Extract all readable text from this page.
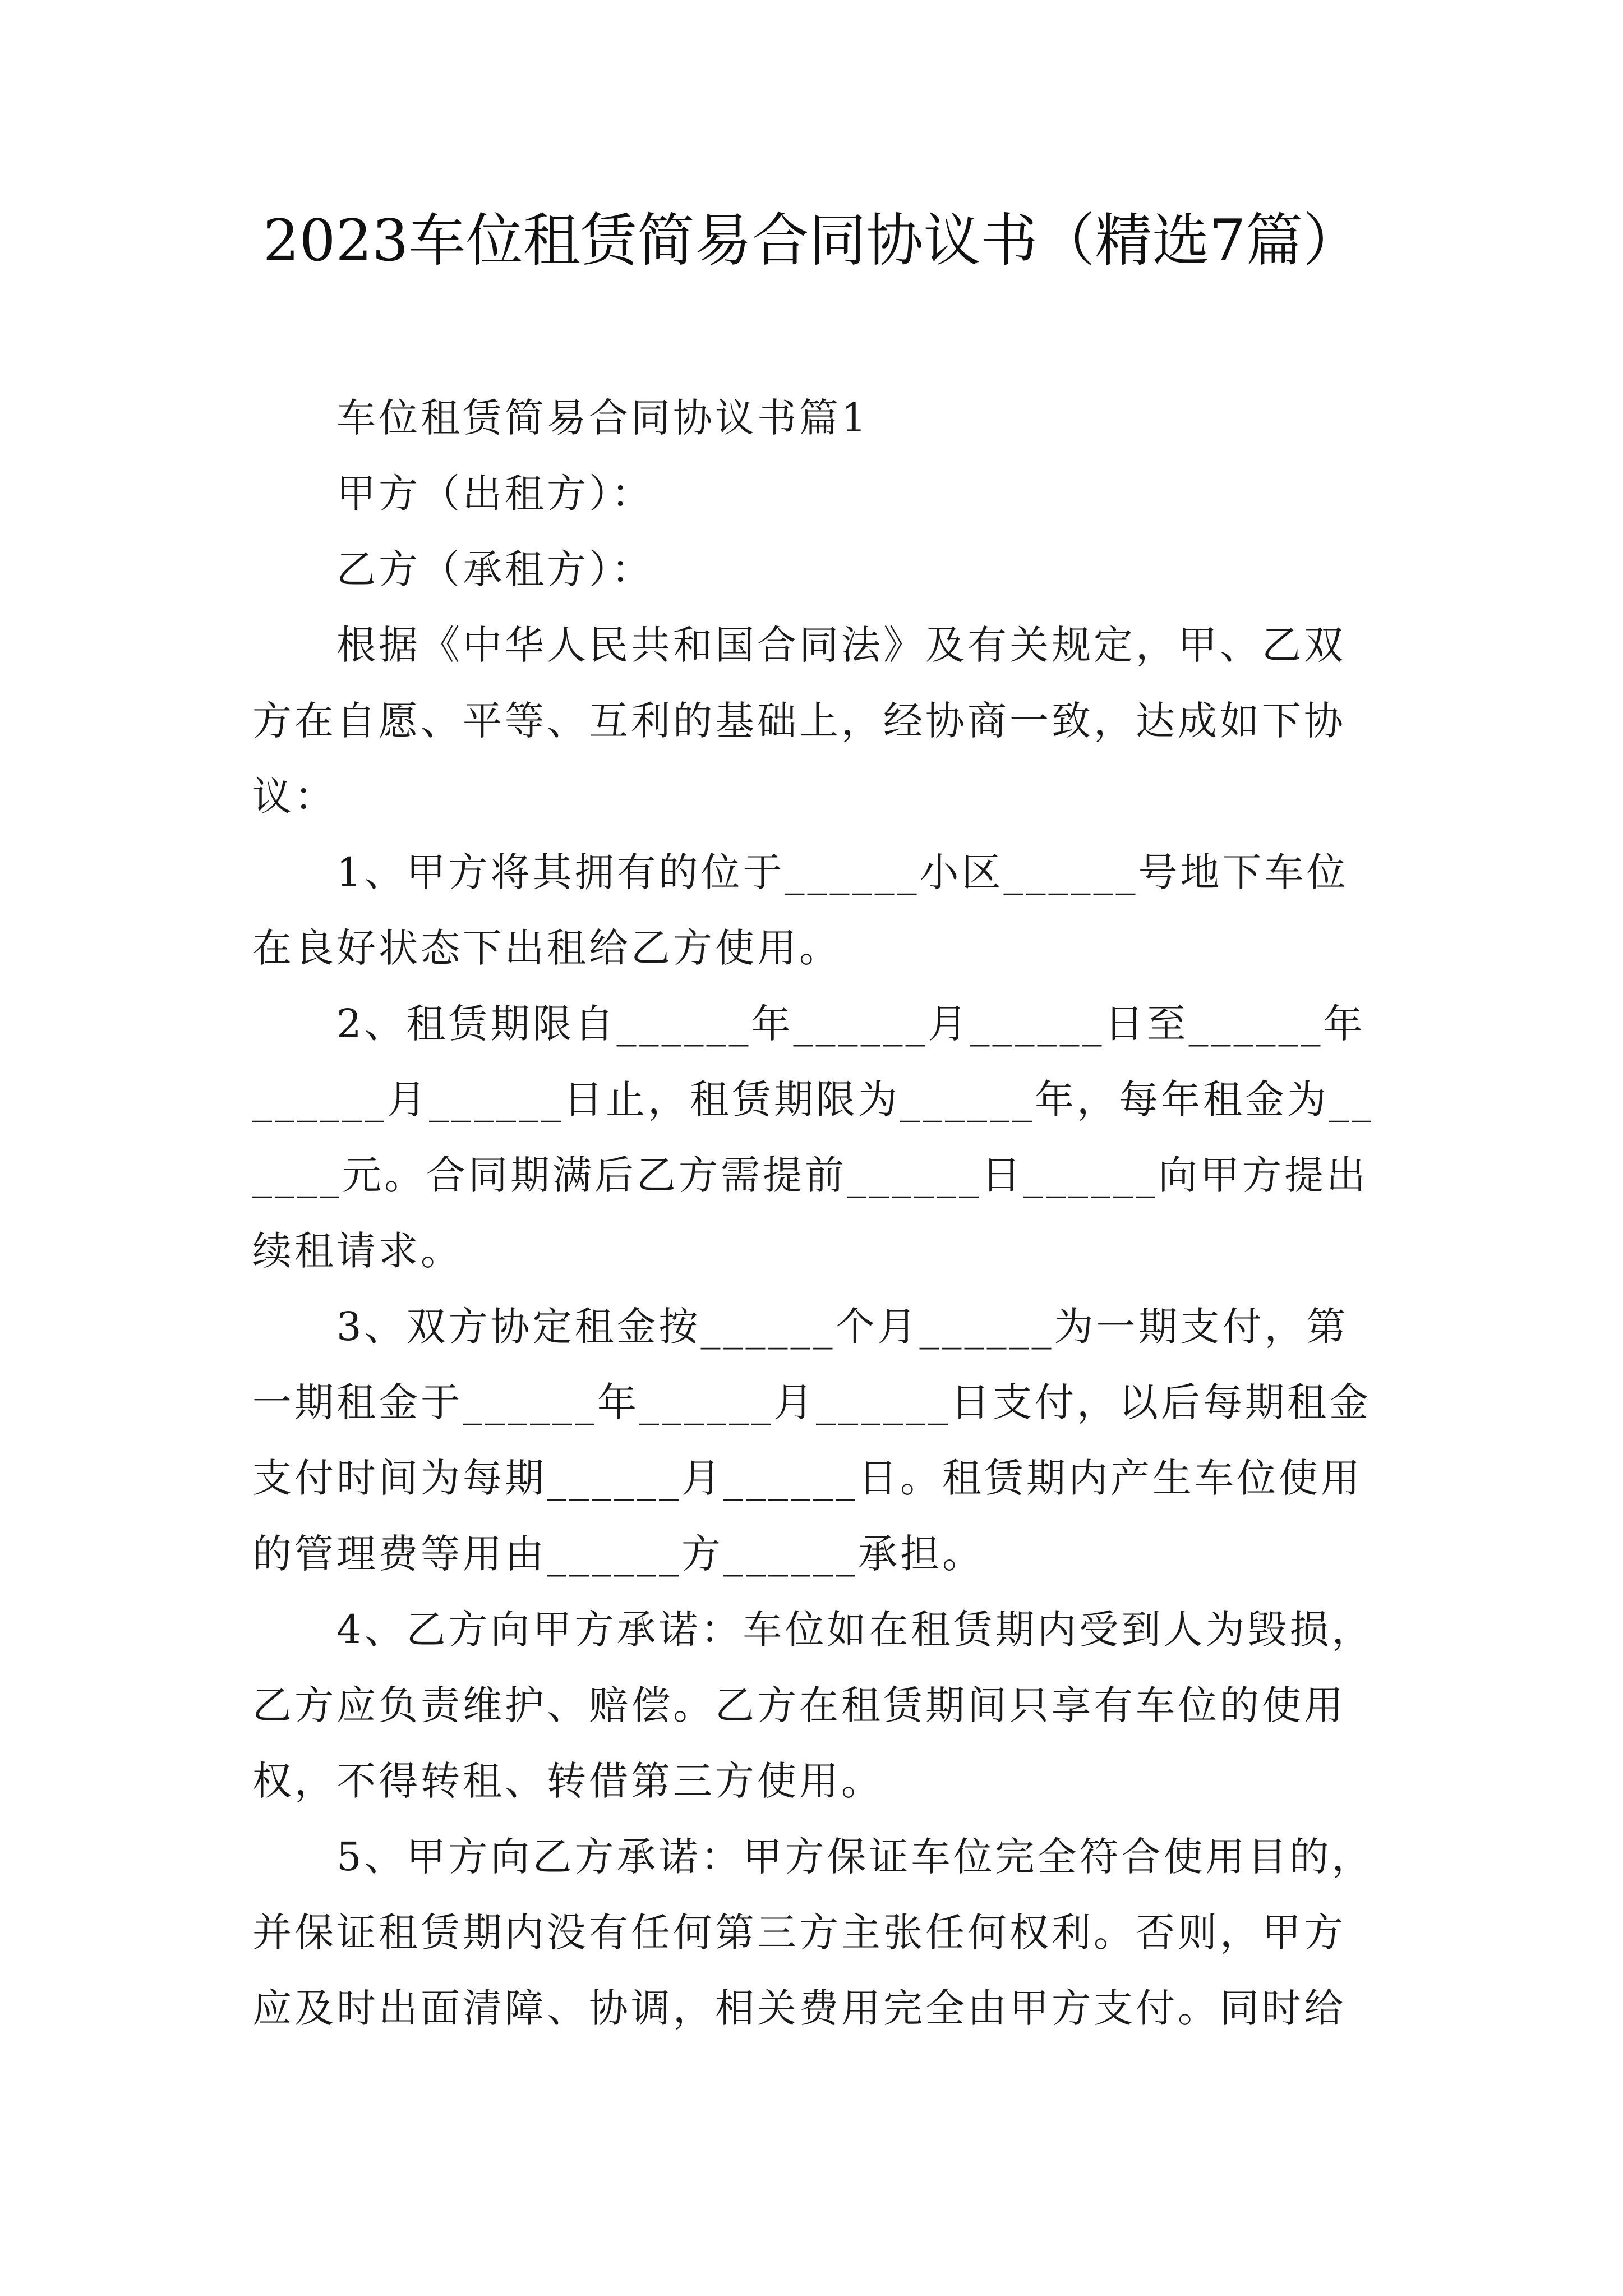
2023车位租赁简易合同协议书（精选7篇）

车位租赁简易合同协议书篇1

甲方（出租方）：

乙方（承租方）：

根据《中华人民共和国合同法》及有关规定，甲、乙双方在自愿、平等、互利的基础上，经协商一致，达成如下协议：

1、甲方将其拥有的位于______小区______号地下车位在良好状态下出租给乙方使用。

2、租赁期限自______年______月______日至______年______月______日止，租赁期限为______年，每年租金为______元。合同期满后乙方需提前______日______向甲方提出续租请求。

3、双方协定租金按______个月______为一期支付，第一期租金于______年______月______日支付，以后每期租金支付时间为每期______月______日。租赁期内产生车位使用的管理费等用由______方______承担。

4、乙方向甲方承诺：车位如在租赁期内受到人为毁损，乙方应负责维护、赔偿。乙方在租赁期间只享有车位的使用权，不得转租、转借第三方使用。

5、甲方向乙方承诺：甲方保证车位完全符合使用目的，并保证租赁期内没有任何第三方主张任何权利。否则，甲方应及时出面清障、协调，相关费用完全由甲方支付。同时给
